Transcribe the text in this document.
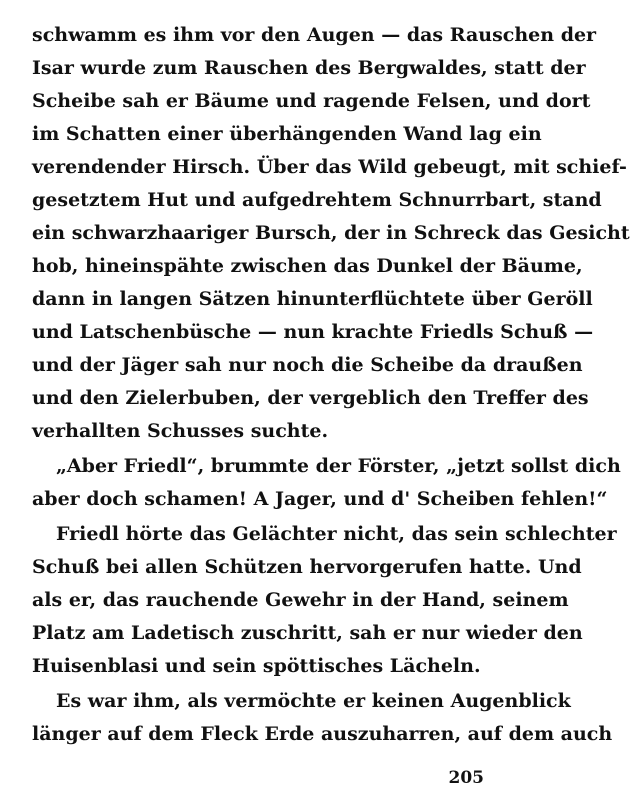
schwamm es ihm vor den Augen — das Rauschen der
Isar wurde zum Rauschen des Bergwaldes, statt der
Scheibe sah er Bäume und ragende Felsen, und dort
im Schatten einer überhängenden Wand lag ein
verendender Hirsch. Über das Wild gebeugt, mit schief-
gesetztem Hut und aufgedrehtem Schnurrbart, stand
ein schwarzhaariger Bursch, der in Schreck das Gesicht
hob, hineinspähte zwischen das Dunkel der Bäume,
dann in langen Sätzen hinunterflüchtete über Geröll
und Latschenbüsche — nun krachte Friedls Schuß —
und der Jäger sah nur noch die Scheibe da draußen
und den Zielerbuben, der vergeblich den Treffer des
verhallten Schusses suchte.
„Aber Friedl“, brummte der Förster, „jetzt sollst dich
aber doch schamen! A Jager, und d' Scheiben fehlen!“
Friedl hörte das Gelächter nicht, das sein schlechter
Schuß bei allen Schützen hervorgerufen hatte. Und
als er, das rauchende Gewehr in der Hand, seinem
Platz am Ladetisch zuschritt, sah er nur wieder den
Huisenblasi und sein spöttisches Lächeln.
Es war ihm, als vermöchte er keinen Augenblick
länger auf dem Fleck Erde auszuharren, auf dem auch
205
